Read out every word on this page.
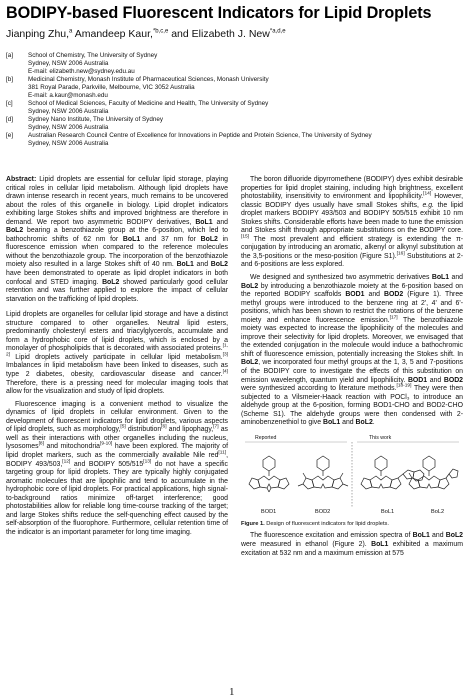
BODIPY-based Fluorescent Indicators for Lipid Droplets
Jianping Zhu,$^a$ Amandeep Kaur,$^{*b,c,e}$ and Elizabeth J. New$^{*a,d,e}$
[a]	School of Chemistry, The University of Sydney
Sydney, NSW 2006 Australia
E-mail: elizabeth.new@sydney.edu.au
[b]	Medicinal Chemistry, Monash Institute of Pharmaceutical Sciences, Monash University
381 Royal Parade, Parkville, Melbourne, VIC 3052 Australia
E-mail: a.kaur@monash.edu
[c]	School of Medical Sciences, Faculty of Medicine and Health, The University of Sydney
Sydney, NSW 2006 Australia
[d]	Sydney Nano Institute, The University of Sydney
Sydney, NSW 2006 Australia
[e]	Australian Research Council Centre of Excellence for Innovations in Peptide and Protein Science, The University of Sydney
Sydney, NSW 2006 Australia

Abstract: Lipid droplets are essential for cellular lipid storage, playing critical roles in cellular lipid metabolism. Although lipid droplets have drawn intense research in recent years, much remains to be uncovered about the roles of this organelle in biology. Lipid droplet indicators exhibiting large Stokes shifts and improved brightness are therefore in demand. We report two asymmetric BODIPY derivatives, BoL1 and BoL2 bearing a benzothiazole group at the 6-position, which led to bathochromic shifts of 62 nm for BoL1 and 37 nm for BoL2 in fluorescence emission when compared to the reference molecules without the benzothiazole group. The incorporation of the benzothiazole moiety also resulted in a large Stokes shift of 40 nm. BoL1 and BoL2 have been demonstrated to operate as lipid droplet indicators in both confocal and STED imaging. BoL2 showed particularly good cellular retention and was further applied to explore the impact of cellular starvation on the trafficking of lipid droplets.

Lipid droplets are organelles for cellular lipid storage and have a distinct structure compared to other organelles. Neutral lipid esters, predominantly cholesteryl esters and triacylglycerols, accumulate and form a hydrophobic core of lipid droplets, which is enclosed by a monolayer of phospholipids that is decorated with associated proteins.[1, 2] Lipid droplets actively participate in cellular lipid metabolism.[3] Imbalances in lipid metabolism have been linked to diseases, such as type 2 diabetes, obesity, cardiovascular disease and cancer.[4] Therefore, there is a pressing need for molecular imaging tools that allow for the visualization and study of lipid droplets.

Fluorescence imaging is a convenient method to visualize the dynamics of lipid droplets in cellular environment. Given to the development of fluorescent indicators for lipid droplets, various aspects of lipid droplets, such as morphology,[5] distribution[6] and lipophagy,[7] as well as their interactions with other organelles including the nucleus, lysosomes[8] and mitochondria[9-10] have been explored. The majority of lipid droplet markers, such as the commercially available Nile red[11], BODIPY 493/503,[12] and BODIPY 505/515[13] do not have a specific targeting group for lipid droplets. They are typically highly conjugated aromatic molecules that are lipophilic and tend to accumulate in the hydrophobic core of lipid droplets. For practical applications, high signal-to-background ratios minimize off-target interference; good photostabilities allow for reliable long time-course tracking of the target; and large Stokes shifts reduce the self-quenching effect caused by the self-absorption of the fluorophore. Furthermore, cellular retention time of the indicator is an important parameter for long time imaging.

The boron difluoride dipyrromethene (BODIPY) dyes exhibit desirable properties for lipid droplet staining, including high brightness, excellent photostability, insensitivity to environment and lipophilicity.[14] However, classic BODIPY dyes usually have small Stokes shifts, e.g. the lipid droplet markers BODIPY 493/503 and BODIPY 505/515 exhibit 10 nm Stokes shifts. Considerable efforts have been made to tune the emission and Stokes shift through appropriate substitutions on the BODIPY core.[15] The most prevalent and efficient strategy is extending the π-conjugation by introducing an aromatic, alkenyl or alkynyl substitution at the 3,5-positions or the meso-position (Figure S1).[16] Substitutions at 2- and 6-positions are less explored.

We designed and synthesized two asymmetric derivatives BoL1 and BoL2 by introducing a benzothiazole moiety at the 6-position based on the reported BODIPY scaffolds BOD1 and BOD2 (Figure 1). Three methyl groups were introduced to the benzene ring at 2', 4' and 6'-positions, which has been shown to restrict the rotations of the benzene moiety and enhance fluorescence emission.[17] The benzothiazole moiety was expected to increase the lipophilicity of the molecules and improve their selectivity for lipid droplets. Moreover, we envisaged that the extended conjugation in the molecule would induce a bathochromic shift of fluorescence emission, potentially increasing the Stokes shift. In BoL2, we incorporated four methyl groups at the 1, 3, 5 and 7-positions of the BODIPY core to investigate the effects of this substitution on emission wavelength, quantum yield and lipophilicity. BOD1 and BOD2 were synthesized according to literature methods.[18-19] They were then subjected to a Vilsmeier-Haack reaction with POCl₃ to introduce an aldehyde group at the 6-position, forming BOD1-CHO and BOD2-CHO (Scheme S1). The aldehyde groups were then condensed with 2-aminobenzenethiol to give BoL1 and BoL2.

Reported	This work
BOD1	BOD2	BoL1	BoL2

Figure 1. Design of fluorescent indicators for lipid droplets.

The fluorescence excitation and emission spectra of BoL1 and BoL2 were measured in ethanol (Figure 2). BoL1 exhibited a maximum excitation at 532 nm and a maximum emission at 575

1
